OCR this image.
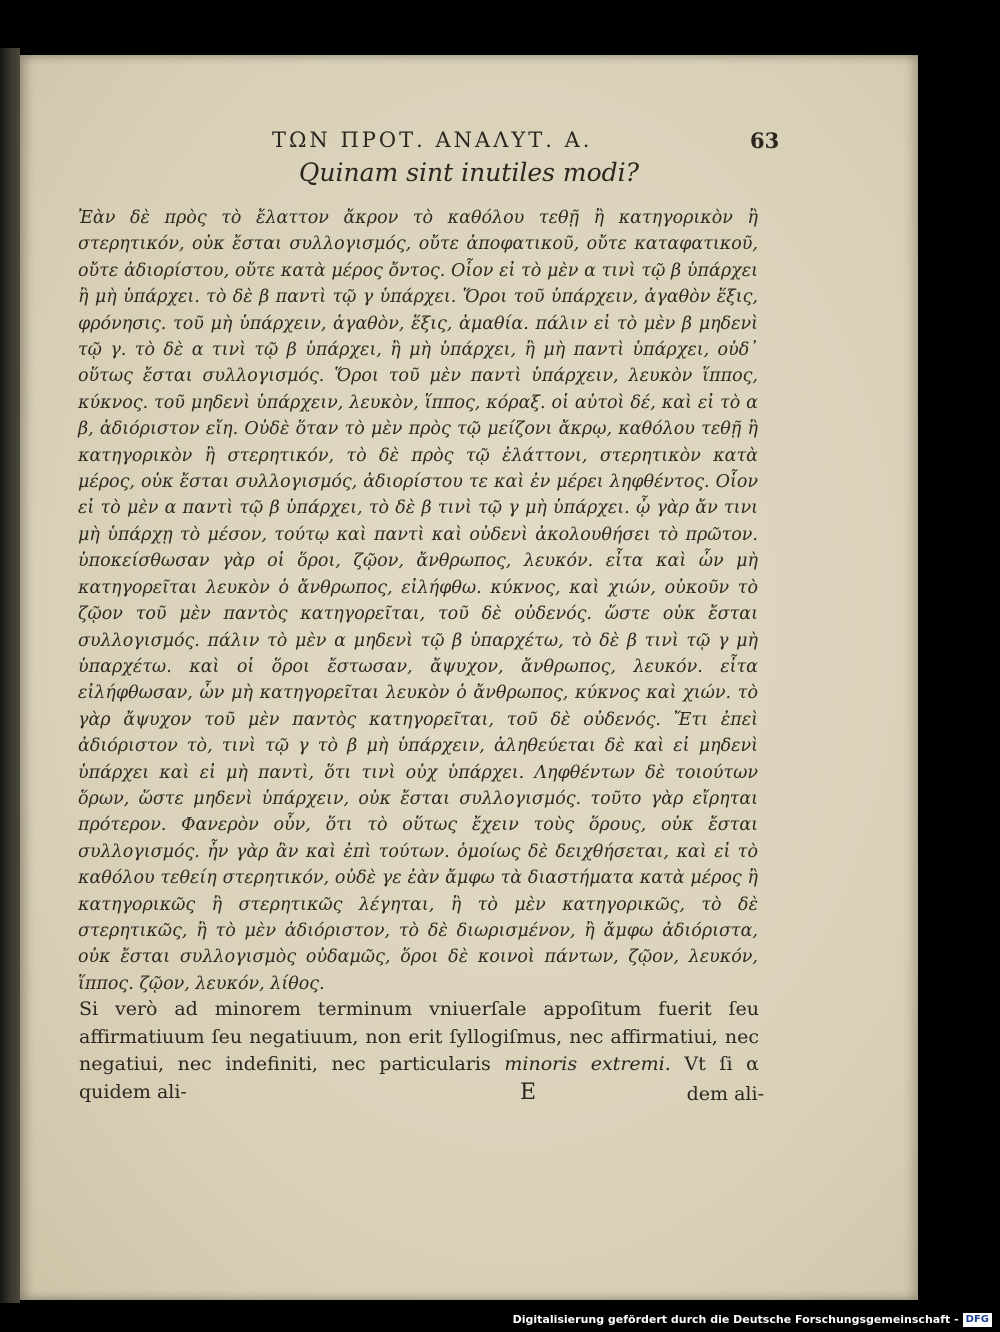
ΤΩΝ ΠΡΟΤ. ΑΝΑΛΥΤ. Α.	63
Quinam sint inutiles modi?

Ἐὰν δὲ πρὸς τὸ ἔλαττον ἄκρον τὸ καθόλου τεθῇ ἢ κατηγορικὸν ἢ στερητικόν, οὐκ ἔσται συλλογισμός, οὔτε ἀποφατικοῦ, οὔτε καταφατικοῦ, οὔτε ἀδιορίστου, οὔτε κατὰ μέρος ὄντος. Οἷον εἰ τὸ μὲν α τινὶ τῷ β ὑπάρχει ἢ μὴ ὑπάρχει. τὸ δὲ β παντὶ τῷ γ ὑπάρχει. Ὅροι τοῦ ὑπάρχειν, ἀγαθὸν ἕξις, φρόνησις. τοῦ μὴ ὑπάρχειν, ἀγαθὸν, ἕξις, ἀμαθία. πάλιν εἰ τὸ μὲν β μηδενὶ τῷ γ. τὸ δὲ α τινὶ τῷ β ὑπάρχει, ἢ μὴ ὑπάρχει, ἢ μὴ παντὶ ὑπάρχει, οὐδ᾽ οὕτως ἔσται συλλογισμός. Ὅροι τοῦ μὲν παντὶ ὑπάρχειν, λευκὸν ἵππος, κύκνος. τοῦ μηδενὶ ὑπάρχειν, λευκὸν, ἵππος, κόραξ. οἱ αὐτοὶ δέ, καὶ εἰ τὸ α β, ἀδιόριστον εἴη. Οὐδὲ ὅταν τὸ μὲν πρὸς τῷ μείζονι ἄκρῳ, καθόλου τεθῇ ἢ κατηγορικὸν ἢ στερητικόν, τὸ δὲ πρὸς τῷ ἐλάττονι, στερητικὸν κατὰ μέρος, οὐκ ἔσται συλλογισμός, ἀδιορίστου τε καὶ ἐν μέρει ληφθέντος. Οἷον εἰ τὸ μὲν α παντὶ τῷ β ὑπάρχει, τὸ δὲ β τινὶ τῷ γ μὴ ὑπάρχει. ᾧ γὰρ ἄν τινι μὴ ὑπάρχῃ τὸ μέσον, τούτῳ καὶ παντὶ καὶ οὐδενὶ ἀκολουθήσει τὸ πρῶτον. ὑποκείσθωσαν γὰρ οἱ ὅροι, ζῷον, ἄνθρωπος, λευκόν. εἶτα καὶ ὧν μὴ κατηγορεῖται λευκὸν ὁ ἄνθρωπος, εἰλήφθω. κύκνος, καὶ χιών, οὐκοῦν τὸ ζῷον τοῦ μὲν παντὸς κατηγορεῖται, τοῦ δὲ οὐδενός. ὥστε οὐκ ἔσται συλλογισμός. πάλιν τὸ μὲν α μηδενὶ τῷ β ὑπαρχέτω, τὸ δὲ β τινὶ τῷ γ μὴ ὑπαρχέτω. καὶ οἱ ὅροι ἔστωσαν, ἄψυχον, ἄνθρωπος, λευκόν. εἶτα εἰλήφθωσαν, ὧν μὴ κατηγορεῖται λευκὸν ὁ ἄνθρωπος, κύκνος καὶ χιών. τὸ γὰρ ἄψυχον τοῦ μὲν παντὸς κατηγορεῖται, τοῦ δὲ οὐδενός. Ἔτι ἐπεὶ ἀδιόριστον τὸ, τινὶ τῷ γ τὸ β μὴ ὑπάρχειν, ἀληθεύεται δὲ καὶ εἰ μηδενὶ ὑπάρχει καὶ εἰ μὴ παντὶ, ὅτι τινὶ οὐχ ὑπάρχει. Ληφθέντων δὲ τοιούτων ὅρων, ὥστε μηδενὶ ὑπάρχειν, οὐκ ἔσται συλλογισμός. τοῦτο γὰρ εἴρηται πρότερον. Φανερὸν οὖν, ὅτι τὸ οὕτως ἔχειν τοὺς ὅρους, οὐκ ἔσται συλλογισμός. ἦν γὰρ ἂν καὶ ἐπὶ τούτων. ὁμοίως δὲ δειχθήσεται, καὶ εἰ τὸ καθόλου τεθείη στερητικόν, οὐδὲ γε ἐὰν ἄμφω τὰ διαστήματα κατὰ μέρος ἢ κατηγορικῶς ἢ στερητικῶς λέγηται, ἢ τὸ μὲν κατηγορικῶς, τὸ δὲ στερητικῶς, ἢ τὸ μὲν ἀδιόριστον, τὸ δὲ διωρισμένον, ἢ ἄμφω ἀδιόριστα, οὐκ ἔσται συλλογισμὸς οὐδαμῶς, ὅροι δὲ κοινοὶ πάντων, ζῷον, λευκόν, ἵππος. ζῷον, λευκόν, λίθος.

Si verò ad minorem terminum vniuerſale appoſitum fuerit ſeu affirmatiuum ſeu negatiuum, non erit ſyllogiſmus, nec affirmatiui, nec negatiui, nec indefiniti, nec particularis minoris extremi. Vt ſi α quidem ali-	E	dem ali-
Digitalisierung gefördert durch die Deutsche Forschungsgemeinschaft - DFG
